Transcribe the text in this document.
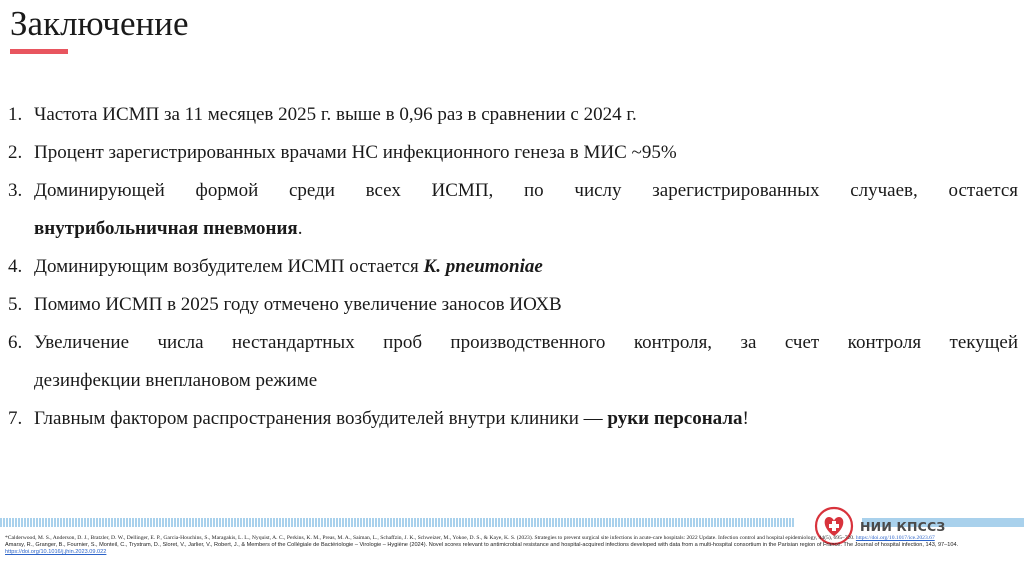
Заключение
1. Частота ИСМП за 11 месяцев 2025 г. выше в 0,96 раз в сравнении с 2024 г.
2. Процент зарегистрированных врачами НС инфекционного генеза в МИС ~95%
3. Доминирующей формой среди всех ИСМП, по числу зарегистрированных случаев, остается
внутрибольничная пневмония.
4. Доминирующим возбудителем ИСМП остается K. pneumoniae
5. Помимо ИСМП в 2025 году отмечено увеличение заносов ИОХВ
6. Увеличение числа нестандартных проб производственного контроля, за счет контроля текущей
дезинфекции внеплановом режиме
7. Главным фактором распространения возбудителей внутри клиники — руки персонала!
НИИ КПССЗ
*Calderwood, M. S., Anderson, D. J., Bratzler, D. W., Dellinger, E. P., Garcia-Houchins, S., Maragakis, L. L., Nyquist, A. C., Perkins, K. M., Preas, M. A., Saiman, L., Schaffzin, J. K., Schweizer, M., Yokoe, D. S., & Kaye, K. S. (2023). Strategies to prevent surgical site infections in acute-care hospitals: 2022 Update. Infection control and hospital epidemiology, 44(5), 695–720. https://doi.org/10.1017/ice.2023.67
Amarsy, R., Granger, B., Fournier, S., Monteil, C., Trystram, D., Sloret, V., Jarlier, V., Robert, J., & Members of the Collégiale de Bactériologie – Virologie – Hygiène (2024). Novel scores relevant to antimicrobial resistance and hospital-acquired infections developed with data from a multi-hospital consortium in the Parisian region of France. The Journal of hospital infection, 143, 97–104. https://doi.org/10.1016/j.jhin.2023.09.022
